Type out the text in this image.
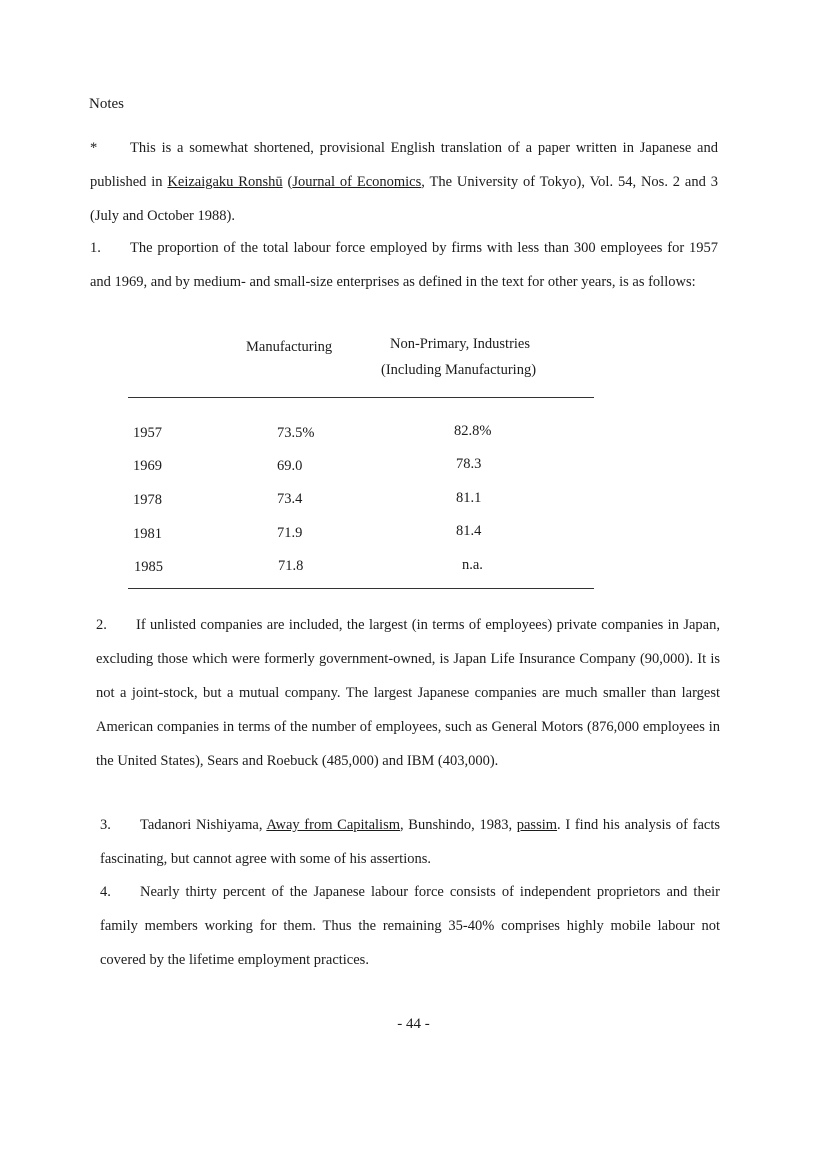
Notes
* This is a somewhat shortened, provisional English translation of a paper written in Japanese and published in Keizaigaku Ronshū (Journal of Economics, The University of Tokyo), Vol. 54, Nos. 2 and 3 (July and October 1988).
1. The proportion of the total labour force employed by firms with less than 300 employees for 1957 and 1969, and by medium- and small-size enterprises as defined in the text for other years, is as follows:
Manufacturing	Non-Primary, Industries
(Including Manufacturing)
1957	73.5%	82.8%
1969	69.0	78.3
1978	73.4	81.1
1981	71.9	81.4
1985	71.8	n.a.
2. If unlisted companies are included, the largest (in terms of employees) private companies in Japan, excluding those which were formerly government-owned, is Japan Life Insurance Company (90,000). It is not a joint-stock, but a mutual company. The largest Japanese companies are much smaller than largest American companies in terms of the number of employees, such as General Motors (876,000 employees in the United States), Sears and Roebuck (485,000) and IBM (403,000).
3. Tadanori Nishiyama, Away from Capitalism, Bunshindo, 1983, passim. I find his analysis of facts fascinating, but cannot agree with some of his assertions.
4. Nearly thirty percent of the Japanese labour force consists of independent proprietors and their family members working for them. Thus the remaining 35-40% comprises highly mobile labour not covered by the lifetime employment practices.
- 44 -
